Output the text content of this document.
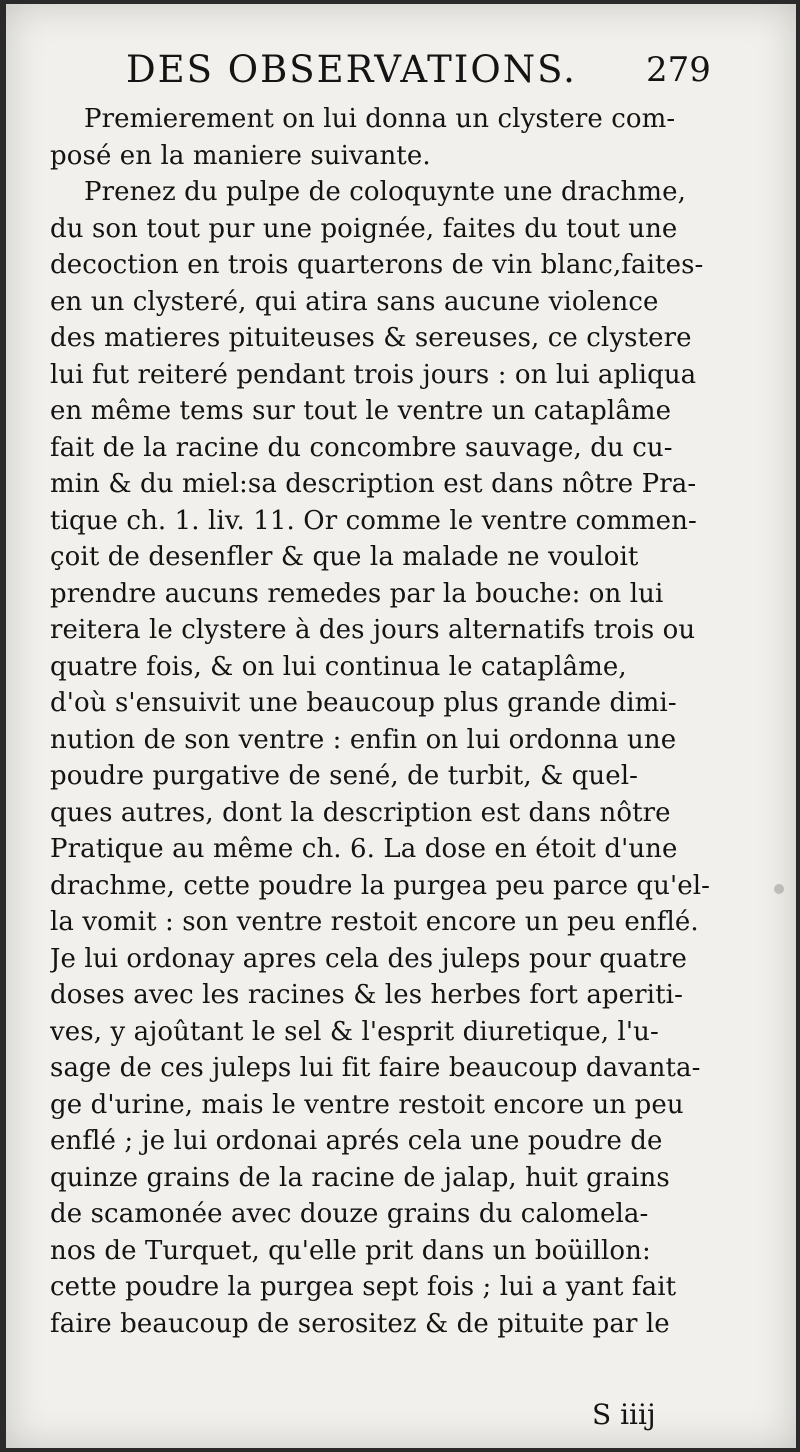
DES OBSERVATIONS. 279
Premierement on lui donna un clystere com-
posé en la maniere suivante.
Prenez du pulpe de coloquynte une drachme,
du son tout pur une poignée, faites du tout une
decoction en trois quarterons de vin blanc,faites-
en un clysteré, qui atira sans aucune violence
des matieres pituiteuses & sereuses, ce clystere
lui fut reiteré pendant trois jours : on lui apliqua
en même tems sur tout le ventre un cataplâme
fait de la racine du concombre sauvage, du cu-
min & du miel:sa description est dans nôtre Pra-
tique ch. 1. liv. 11. Or comme le ventre commen-
çoit de desenfler & que la malade ne vouloit
prendre aucuns remedes par la bouche: on lui
reitera le clystere à des jours alternatifs trois ou
quatre fois, & on lui continua le cataplâme,
d'où s'ensuivit une beaucoup plus grande dimi-
nution de son ventre : enfin on lui ordonna une
poudre purgative de sené, de turbit, & quel-
ques autres, dont la description est dans nôtre
Pratique au même ch. 6. La dose en étoit d'une
drachme, cette poudre la purgea peu parce qu'el-
la vomit : son ventre restoit encore un peu enflé.
Je lui ordonay apres cela des juleps pour quatre
doses avec les racines & les herbes fort aperiti-
ves, y ajoûtant le sel & l'esprit diuretique, l'u-
sage de ces juleps lui fit faire beaucoup davanta-
ge d'urine, mais le ventre restoit encore un peu
enflé ; je lui ordonai aprés cela une poudre de
quinze grains de la racine de jalap, huit grains
de scamonée avec douze grains du calomela-
nos de Turquet, qu'elle prit dans un boüillon:
cette poudre la purgea sept fois ; lui a yant fait
faire beaucoup de serositez & de pituite par le
S iiij
